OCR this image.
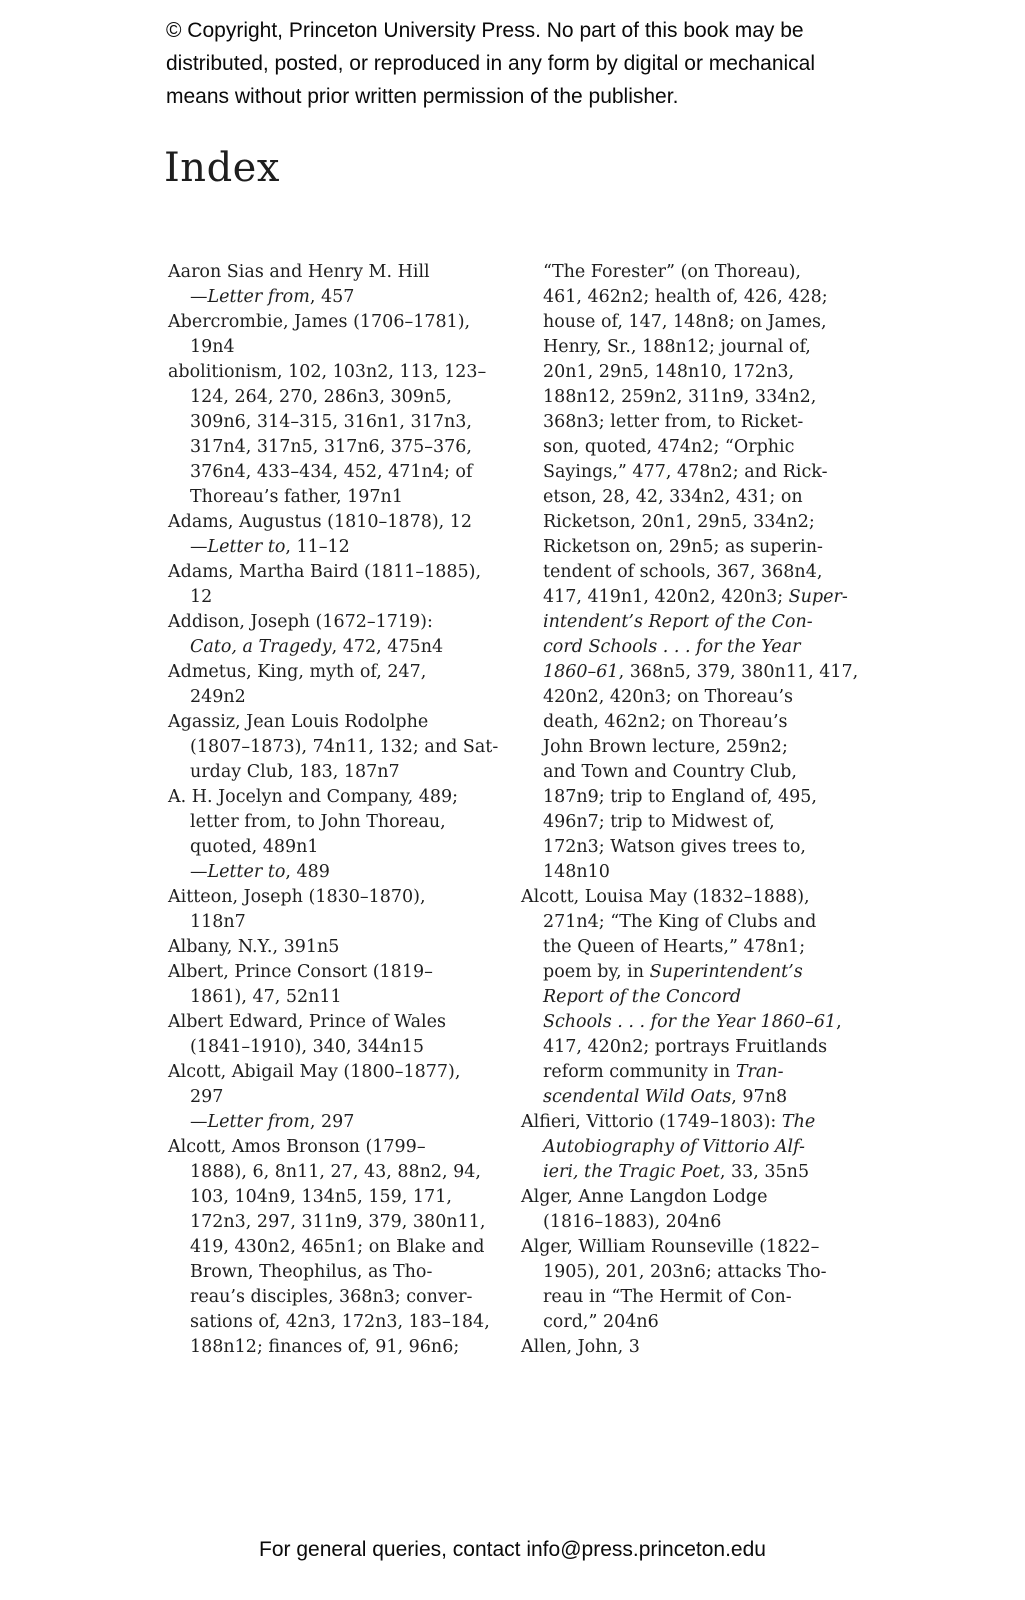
© Copyright, Princeton University Press. No part of this book may be
distributed, posted, or reproduced in any form by digital or mechanical
means without prior written permission of the publisher.
Index
Aaron Sias and Henry M. Hill
—Letter from, 457
Abercrombie, James (1706–1781),
19n4
abolitionism, 102, 103n2, 113, 123–
124, 264, 270, 286n3, 309n5,
309n6, 314–315, 316n1, 317n3,
317n4, 317n5, 317n6, 375–376,
376n4, 433–434, 452, 471n4; of
Thoreau’s father, 197n1
Adams, Augustus (1810–1878), 12
—Letter to, 11–12
Adams, Martha Baird (1811–1885),
12
Addison, Joseph (1672–1719):
Cato, a Tragedy, 472, 475n4
Admetus, King, myth of, 247,
249n2
Agassiz, Jean Louis Rodolphe
(1807–1873), 74n11, 132; and Sat-
urday Club, 183, 187n7
A. H. Jocelyn and Company, 489;
letter from, to John Thoreau,
quoted, 489n1
—Letter to, 489
Aitteon, Joseph (1830–1870),
118n7
Albany, N.Y., 391n5
Albert, Prince Consort (1819–
1861), 47, 52n11
Albert Edward, Prince of Wales
(1841–1910), 340, 344n15
Alcott, Abigail May (1800–1877),
297
—Letter from, 297
Alcott, Amos Bronson (1799–
1888), 6, 8n11, 27, 43, 88n2, 94,
103, 104n9, 134n5, 159, 171,
172n3, 297, 311n9, 379, 380n11,
419, 430n2, 465n1; on Blake and
Brown, Theophilus, as Tho-
reau’s disciples, 368n3; conver-
sations of, 42n3, 172n3, 183–184,
188n12; finances of, 91, 96n6;
“The Forester” (on Thoreau),
461, 462n2; health of, 426, 428;
house of, 147, 148n8; on James,
Henry, Sr., 188n12; journal of,
20n1, 29n5, 148n10, 172n3,
188n12, 259n2, 311n9, 334n2,
368n3; letter from, to Ricket-
son, quoted, 474n2; “Orphic
Sayings,” 477, 478n2; and Rick-
etson, 28, 42, 334n2, 431; on
Ricketson, 20n1, 29n5, 334n2;
Ricketson on, 29n5; as superin-
tendent of schools, 367, 368n4,
417, 419n1, 420n2, 420n3; Super-
intendent’s Report of the Con-
cord Schools . . . for the Year
1860–61, 368n5, 379, 380n11, 417,
420n2, 420n3; on Thoreau’s
death, 462n2; on Thoreau’s
John Brown lecture, 259n2;
and Town and Country Club,
187n9; trip to England of, 495,
496n7; trip to Midwest of,
172n3; Watson gives trees to,
148n10
Alcott, Louisa May (1832–1888),
271n4; “The King of Clubs and
the Queen of Hearts,” 478n1;
poem by, in Superintendent’s
Report of the Concord
Schools . . . for the Year 1860–61,
417, 420n2; portrays Fruitlands
reform community in Tran-
scendental Wild Oats, 97n8
Alfieri, Vittorio (1749–1803): The
Autobiography of Vittorio Alf-
ieri, the Tragic Poet, 33, 35n5
Alger, Anne Langdon Lodge
(1816–1883), 204n6
Alger, William Rounseville (1822–
1905), 201, 203n6; attacks Tho-
reau in “The Hermit of Con-
cord,” 204n6
Allen, John, 3
For general queries, contact info@press.princeton.edu
